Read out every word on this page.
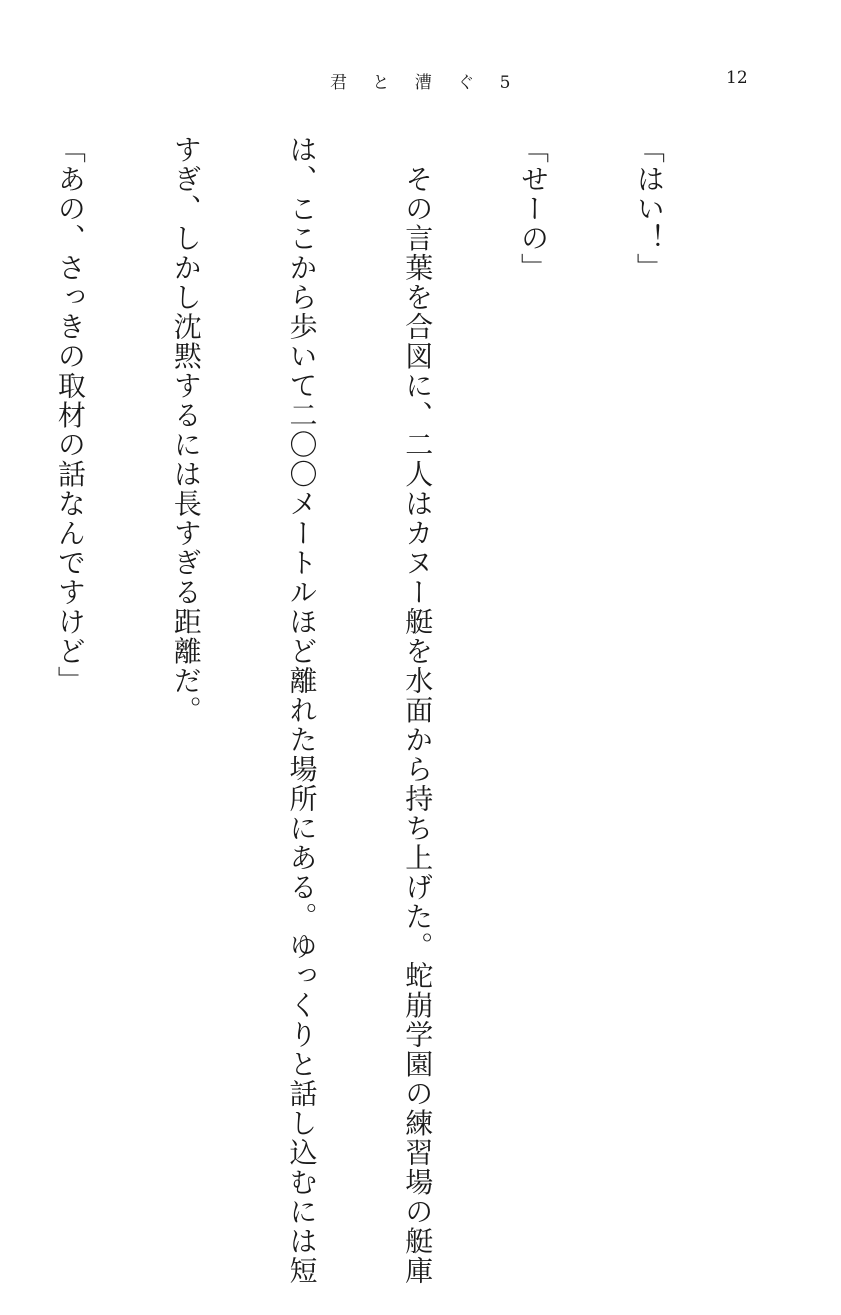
君 と 漕 ぐ 5	12

「はい！」

「せーの」

　その言葉を合図に、二人はカヌー艇を水面から持ち上げた。蛇崩学園の練習場の艇庫

は、ここから歩いて二〇〇メートルほど離れた場所にある。ゆっくりと話し込むには短

すぎ、しかし沈黙するには長すぎる距離だ。

「あの、さっきの取材の話なんですけど」
